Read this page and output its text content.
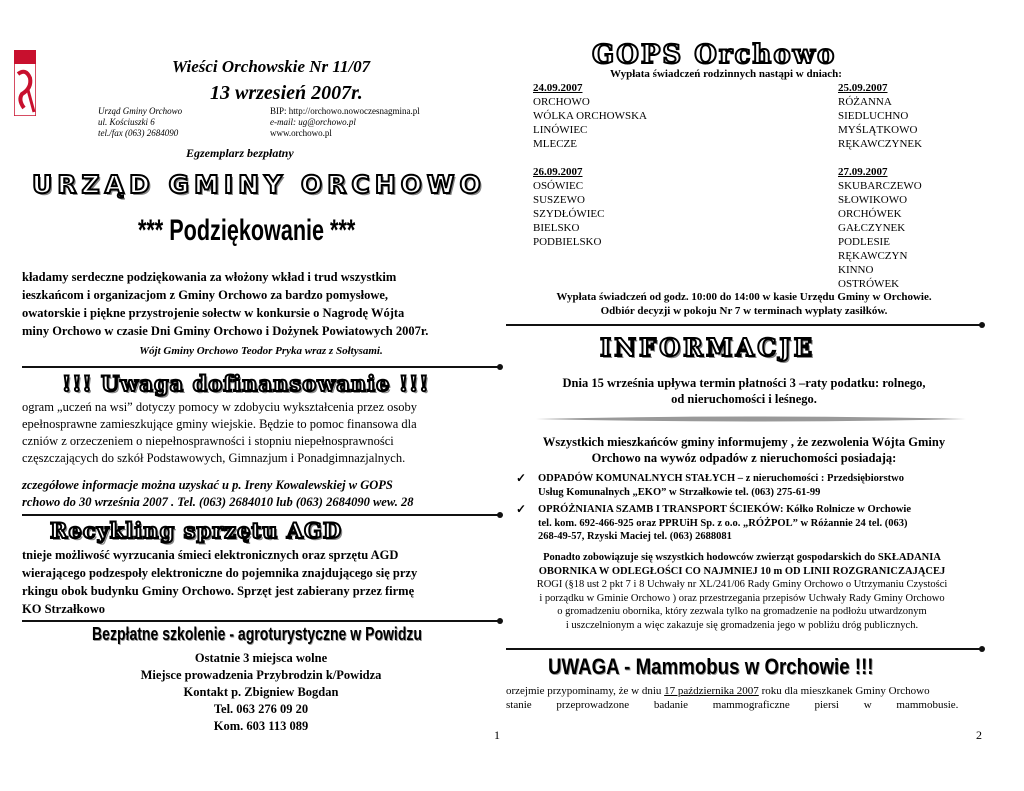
Wieści Orchowskie Nr 11/07
13 wrzesień 2007r.
Urząd Gminy Orchowo
ul. Kościuszki 6
tel./fax (063) 2684090
BIP: http://orchowo.nowoczesnagmina.pl
e-mail: ug@orchowo.pl
www.orchowo.pl
Egzemplarz bezpłatny
URZĄD GMINY ORCHOWO
*** Podziękowanie ***
kładamy serdeczne podziękowania za włożony wkład i trud wszystkim
ieszkańcom i organizacjom z Gminy Orchowo za bardzo pomysłowe,
owatorskie i piękne przystrojenie sołectw w konkursie o Nagrodę Wójta
miny Orchowo w czasie Dni Gminy Orchowo i Dożynek Powiatowych 2007r.
Wójt Gminy Orchowo Teodor Pryka wraz z Sołtysami.
!!! Uwaga dofinansowanie !!!
ogram „uczeń na wsi” dotyczy pomocy w zdobyciu wykształcenia przez osoby
epełnosprawne zamieszkujące gminy wiejskie. Będzie to pomoc finansowa dla
czniów z orzeczeniem o niepełnosprawności i stopniu niepełnosprawności
częszczających do szkół Podstawowych, Gimnazjum i Ponadgimnazjalnych.
zczegółowe informacje można uzyskać u p. Ireny Kowalewskiej w GOPS
rchowo do 30 września 2007 . Tel. (063) 2684010 lub (063) 2684090 wew. 28
Recykling sprzętu AGD
tnieje możliwość wyrzucania śmieci elektronicznych oraz sprzętu AGD
wierającego podzespoły elektroniczne do pojemnika znajdującego się przy
rkingu obok budynku Gminy Orchowo. Sprzęt jest zabierany przez firmę
KO Strzałkowo
Bezpłatne szkolenie - agroturystyczne w Powidzu
Ostatnie 3 miejsca wolne
Miejsce prowadzenia Przybrodzin k/Powidza
Kontakt p. Zbigniew Bogdan
Tel. 063 276 09 20
Kom. 603 113 089
1
GOPS Orchowo
Wypłata świadczeń rodzinnych nastąpi w dniach:
24.09.2007
ORCHOWO
WÓLKA ORCHOWSKA
LINÓWIEC
MLECZE
25.09.2007
RÓŻANNA
SIEDLUCHNO
MYŚLĄTKOWO
RĘKAWCZYNEK
26.09.2007
OSÓWIEC
SUSZEWO
SZYDŁÓWIEC
BIELSKO
PODBIELSKO
27.09.2007
SKUBARCZEWO
SŁOWIKOWO
ORCHÓWEK
GAŁCZYNEK
PODLESIE
RĘKAWCZYN
KINNO
OSTRÓWEK
Wypłata świadczeń od godz. 10:00 do 14:00 w kasie Urzędu Gminy w Orchowie.
Odbiór decyzji w pokoju Nr 7 w terminach wypłaty zasiłków.
INFORMACJE
Dnia 15 września upływa termin płatności 3 –raty podatku: rolnego,
od nieruchomości i leśnego.
Wszystkich mieszkańców gminy informujemy , że zezwolenia Wójta Gminy
Orchowo na wywóz odpadów z nieruchomości posiadają:
✓ ODPADÓW KOMUNALNYCH STAŁYCH – z nieruchomości : Przedsiębiorstwo
Usług Komunalnych „EKO” w Strzałkowie tel. (063) 275-61-99
✓ OPRÓŻNIANIA SZAMB I TRANSPORT ŚCIEKÓW: Kółko Rolnicze w Orchowie
tel. kom. 692-466-925 oraz PPRUiH Sp. z o.o. „RÓŻPOL” w Różannie 24 tel. (063)
268-49-57, Rzyski Maciej tel. (063) 2688081
Ponadto zobowiązuje się wszystkich hodowców zwierząt gospodarskich do SKŁADANIA
OBORNIKA W ODLEGŁOŚCI CO NAJMNIEJ 10 m OD LINII ROZGRANICZAJĄCEJ
ROGI (§18 ust 2 pkt 7 i 8 Uchwały nr XL/241/06 Rady Gminy Orchowo o Utrzymaniu Czystości
i porządku w Gminie Orchowo ) oraz przestrzegania przepisów Uchwały Rady Gminy Orchowo
o gromadzeniu obornika, który zezwala tylko na gromadzenie na podłożu utwardzonym
i uszczelnionym a więc zakazuje się gromadzenia jego w pobliżu dróg publicznych.
UWAGA - Mammobus w Orchowie !!!
orzejmie przypominamy, że w dniu 17 października 2007 roku dla mieszkanek Gminy Orchowo
stanie         przeprowadzone         badanie         mammograficzne         piersi         w         mammobusie.
2
